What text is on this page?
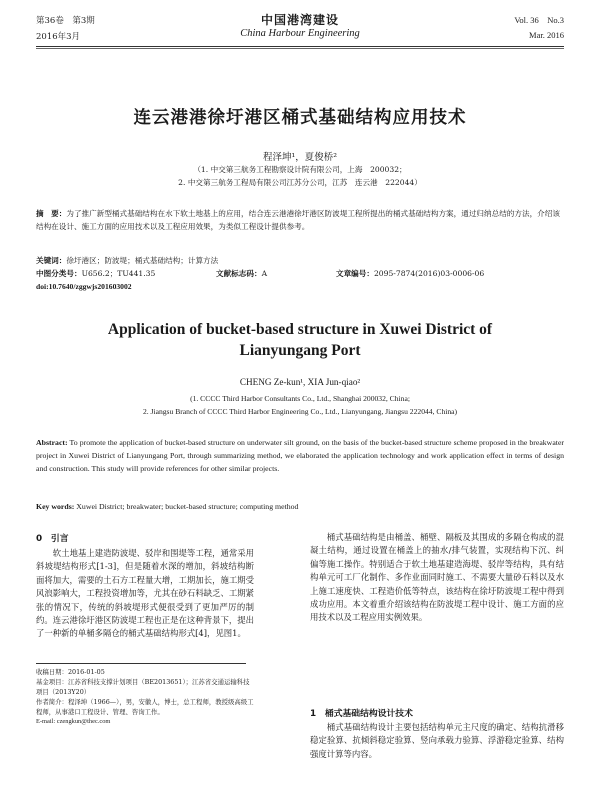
第36卷　第3期
2016年3月
中国港湾建设
China Harbour Engineering
Vol. 36　No.3
Mar. 2016
连云港港徐圩港区桶式基础结构应用技术
程泽坤¹，夏俊桥²
（1. 中交第三航务工程勘察设计院有限公司，上海　200032；
2. 中交第三航务工程局有限公司江苏分公司，江苏　连云港　222044）
摘　要：为了推广新型桶式基础结构在水下软土地基上的应用，结合连云港港徐圩港区防波堤工程所提出的桶式基础结构方案，通过归纳总结的方法，介绍该结构在设计、施工方面的应用技术以及工程应用效果，为类似工程设计提供参考。
关键词：徐圩港区；防波堤；桶式基础结构；计算方法
中图分类号：U656.2；TU441.35	文献标志码：A	文章编号：2095-7874(2016)03-0006-06
doi:10.7640/zggwjs201603002
Application of bucket-based structure in Xuwei District of
Lianyungang Port
CHENG Ze-kun¹, XIA Jun-qiao²
(1. CCCC Third Harbor Consultants Co., Ltd., Shanghai 200032, China;
2. Jiangsu Branch of CCCC Third Harbor Engineering Co., Ltd., Lianyungang, Jiangsu 222044, China)
Abstract: To promote the application of bucket-based structure on underwater silt ground, on the basis of the bucket-based structure scheme proposed in the breakwater project in Xuwei District of Lianyungang Port, through summarizing method, we elaborated the application technology and work application effect in terms of design and construction. This study will provide references for other similar projects.
Key words: Xuwei District; breakwater; bucket-based structure; computing method
0　引言
软土地基上建造防波堤、驳岸和围堤等工程，通常采用斜坡堤结构形式[1-3]，但是随着水深的增加，斜坡结构断面将加大，需要的土石方工程量大增，工期加长，施工期受风浪影响大，工程投资增加等，尤其在砂石料缺乏、工期紧张的情况下，传统的斜坡堤形式便很受到了更加严厉的制约。连云港徐圩港区防波堤工程也正是在这种背景下，提出了一种新的单桶多隔仓的桶式基础结构形式[4]，见图1。

收稿日期：2016-01-05

基金项目：江苏省科技支撑计划项目（BE2013651）；江苏省交通运输科技项目（2013Y20）

作者简介：程泽坤（1966—），男，安徽人，博士，总工程师，教授级高级工程师，从事港口工程设计、管理、咨询工作。

E-mail: czengkun@thec.com

桶式基础结构是由桶盖、桶壁、隔板及其围成的多隔仓构成的混凝土结构，通过设置在桶盖上的抽水/排气装置，实现结构下沉、纠偏等施工操作。特别适合于软土地基建造海堤、驳岸等结构，具有结构单元可工厂化制作、多作业面同时施工、不需要大量砂石料以及水上施工速度快、工程造价低等特点，该结构在徐圩防波堤工程中得到成功应用。本文着重介绍该结构在防波堤工程中设计、施工方面的应用技术以及工程应用实例效果。
1　桶式基础结构设计技术
桶式基础结构设计主要包括结构单元主尺度的确定、结构抗滑移稳定验算、抗倾斜稳定验算、竖向承载力验算、浮游稳定验算、结构强度计算等内容。
